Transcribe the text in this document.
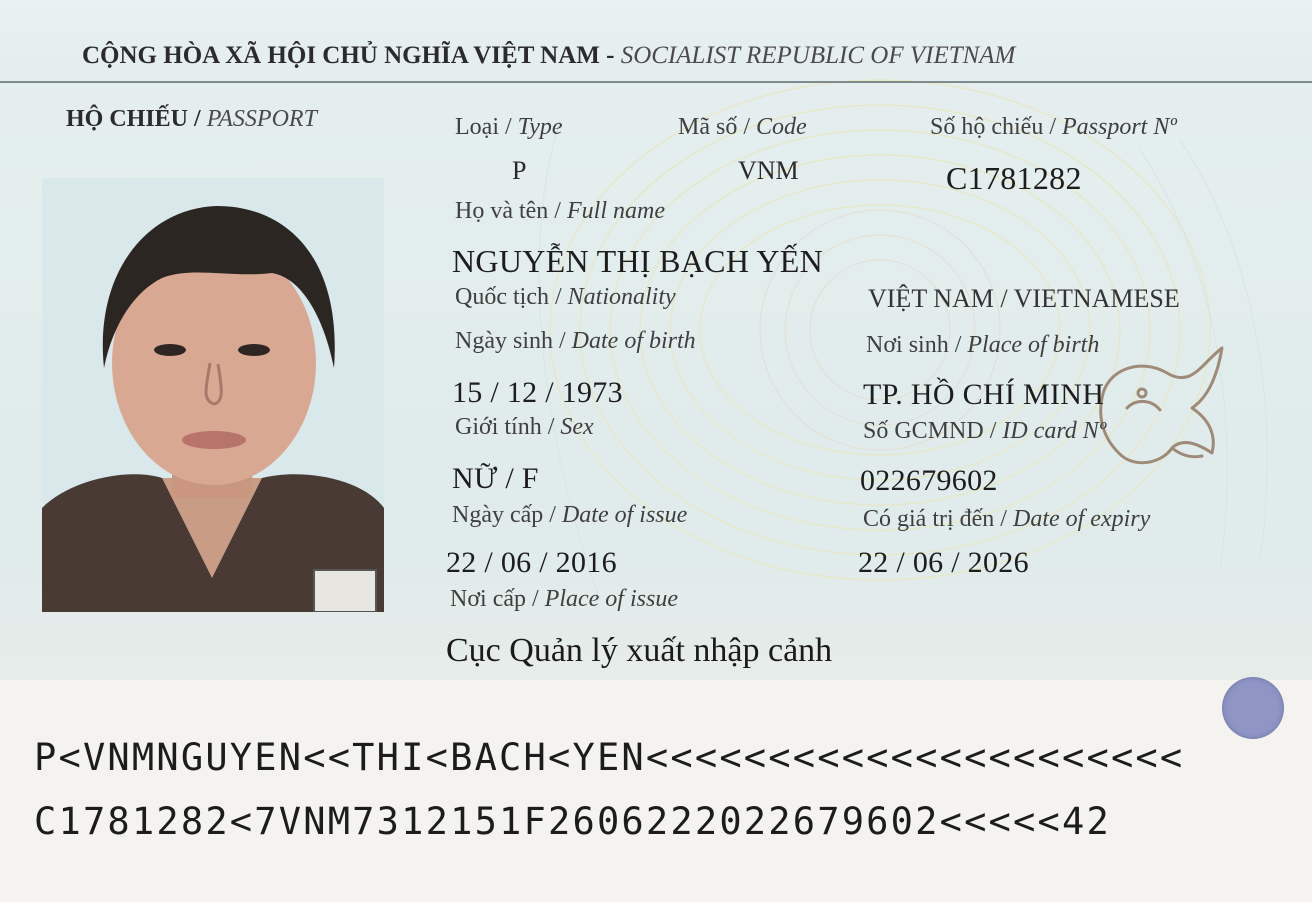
CỘNG HÒA XÃ HỘI CHỦ NGHĨA VIỆT NAM - SOCIALIST REPUBLIC OF VIETNAM
HỘ CHIẾU / PASSPORT	Loại / Type	Mã số / Code	Số hộ chiếu / Passport Nº
P	VNM	C1781282
Họ và tên / Full name
NGUYỄN THỊ BẠCH YẾN
Quốc tịch / Nationality	VIỆT NAM / VIETNAMESE
Ngày sinh / Date of birth	Nơi sinh / Place of birth
15 / 12 / 1973	TP. HỒ CHÍ MINH
Giới tính / Sex	Số GCMND / ID card Nº
NỮ / F	022679602
Ngày cấp / Date of issue	Có giá trị đến / Date of expiry
22 / 06 / 2016	22 / 06 / 2026
Nơi cấp / Place of issue
Cục Quản lý xuất nhập cảnh
P<VNMNGUYEN<<THI<BACH<YEN<<<<<<<<<<<<<<<<<<<<<<
C1781282<7VNM7312151F2606222022679602<<<<<42
